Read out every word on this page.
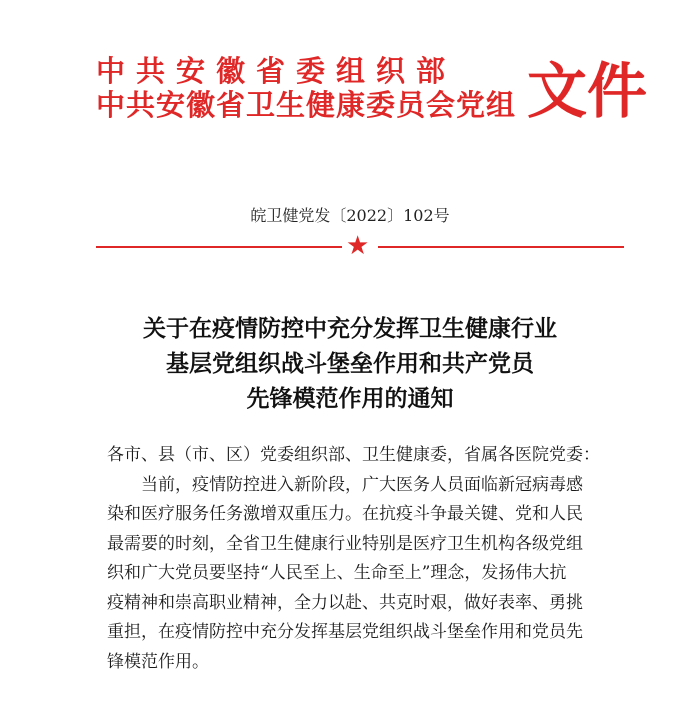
中共安徽省委组织部
中共安徽省卫生健康委员会党组 文件
皖卫健党发〔2022〕102号
★
关于在疫情防控中充分发挥卫生健康行业
基层党组织战斗堡垒作用和共产党员
先锋模范作用的通知
各市、县（市、区）党委组织部、卫生健康委，省属各医院党委：
当前，疫情防控进入新阶段，广大医务人员面临新冠病毒感
染和医疗服务任务激增双重压力。在抗疫斗争最关键、党和人民
最需要的时刻，全省卫生健康行业特别是医疗卫生机构各级党组
织和广大党员要坚持“人民至上、生命至上”理念，发扬伟大抗
疫精神和崇高职业精神，全力以赴、共克时艰，做好表率、勇挑
重担，在疫情防控中充分发挥基层党组织战斗堡垒作用和党员先
锋模范作用。
